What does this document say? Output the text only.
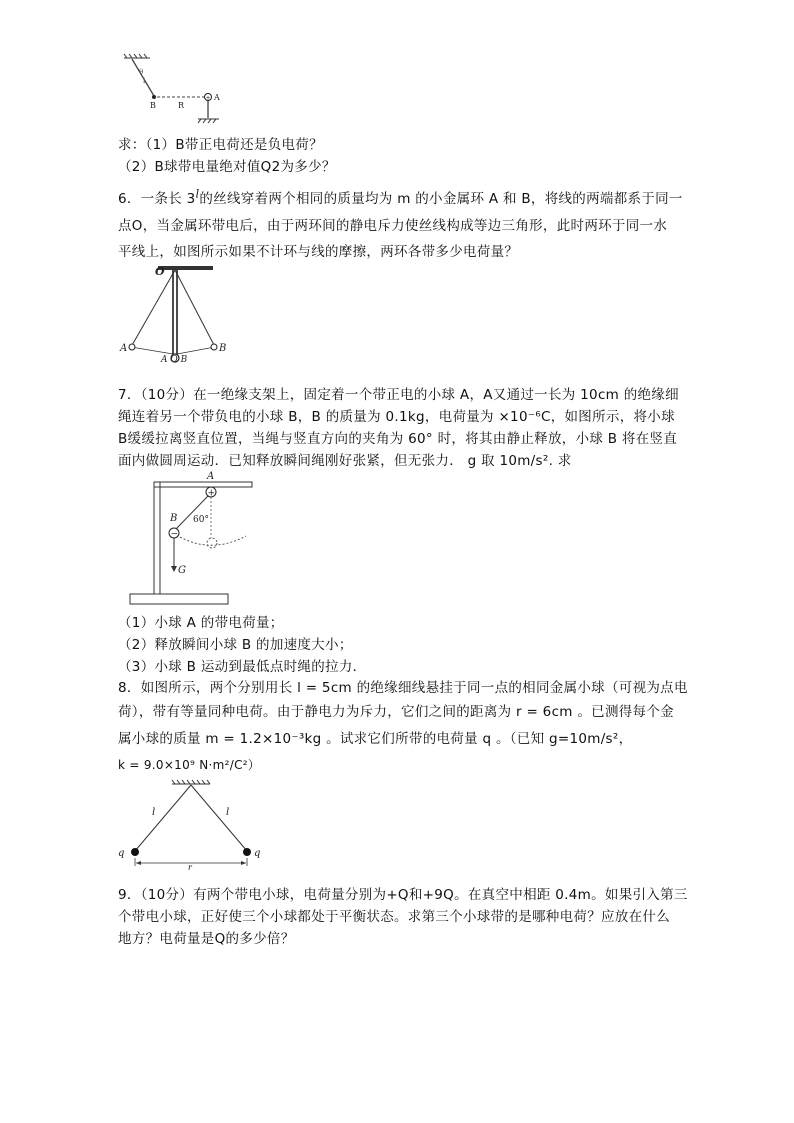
θ
l
B	R
+ A
求：（1）B带正电荷还是负电荷？
（2）B球带电量绝对值Q2为多少？
6．一条长 3$^l$的丝线穿着两个相同的质量均为 m 的小金属环 A 和 B，将线的两端都系于同一
点O，当金属环带电后，由于两环间的静电斥力使丝线构成等边三角形，此时两环于同一水
平线上，如图所示如果不计环与线的摩擦，两环各带多少电荷量？
O
A	B
A O B
7．（10分）在一绝缘支架上，固定着一个带正电的小球 A，A又通过一长为 10cm 的绝缘细
绳连着另一个带负电的小球 B，B 的质量为 0.1kg，电荷量为 ×10⁻⁶C，如图所示，将小球
B缓缓拉离竖直位置，当绳与竖直方向的夹角为 60° 时，将其由静止释放，小球 B 将在竖直
面内做圆周运动．已知释放瞬间绳刚好张紧，但无张力． g 取 10m/s². 求
A
+
B 60°
−
G
（1）小球 A 的带电荷量；
（2）释放瞬间小球 B 的加速度大小；
（3）小球 B 运动到最低点时绳的拉力．
8．如图所示，两个分别用长 l = 5cm 的绝缘细线悬挂于同一点的相同金属小球（可视为点电
荷），带有等量同种电荷。由于静电力为斥力，它们之间的距离为 r = 6cm 。已测得每个金
属小球的质量 m = 1.2×10⁻³kg 。试求它们所带的电荷量 q 。（已知 g=10m/s²，
k = 9.0×10⁹ N·m²/C²）
l	l
q	q
r
9．（10分）有两个带电小球，电荷量分别为+Q和+9Q。在真空中相距 0.4m。如果引入第三
个带电小球，正好使三个小球都处于平衡状态。求第三个小球带的是哪种电荷？应放在什么
地方？电荷量是Q的多少倍？
